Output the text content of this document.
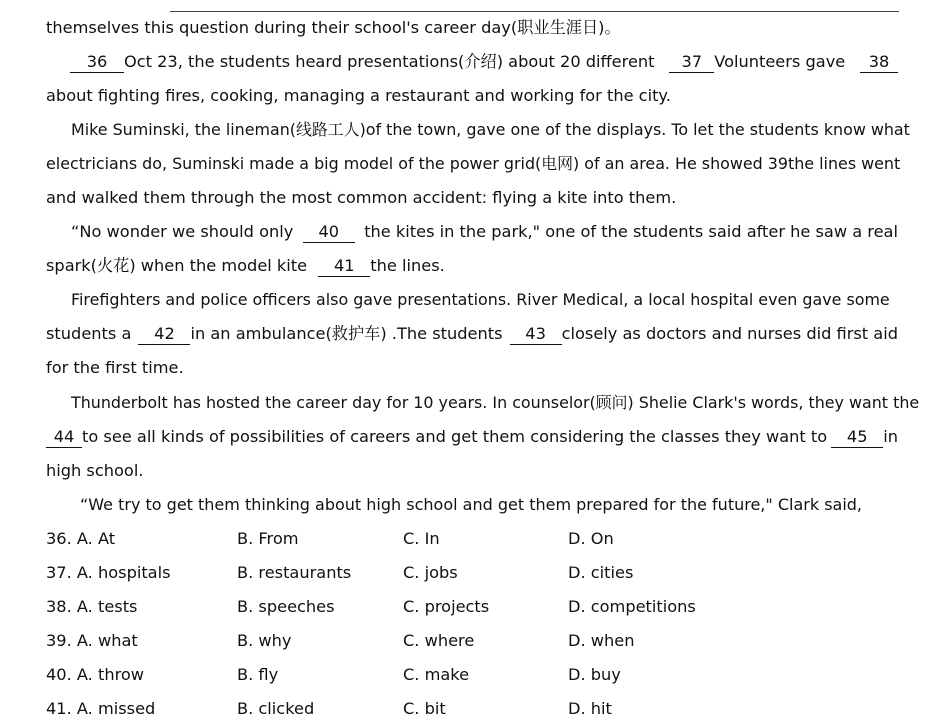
themselves this question during their school's career day(职业生涯日)。
36	Oct 23, the students heard presentations(介绍) about 20 different	37 Volunteers gave	38
about fighting fires, cooking, managing a restaurant and working for the city.
Mike Suminski, the lineman(线路工人)of the town, gave one of the displays. To let the students know what
electricians do, Suminski made a big model of the power grid(电网) of an area. He showed 39the lines went
and walked them through the most common accident: flying a kite into them.
“No wonder we should only	40	the kites in the park," one of the students said after he saw a real
spark(火花) when the model kite 41 the lines.
Firefighters and police officers also gave presentations. River Medical, a local hospital even gave some
students a	42 in an ambulance(救护车) .The students	43 closely as doctors and nurses did first aid
for the first time.
Thunderbolt has hosted the career day for 10 years. In counselor(顾问) Shelie Clark's words, they want the
44 to see all kinds of possibilities of careers and get them considering the classes they want to	45 in
high school.
“We try to get them thinking about high school and get them prepared for the future," Clark said,
36. A. At	B. From	C. In	D. On
37. A. hospitals	B. restaurants	C. jobs	D. cities
38. A. tests	B. speeches	C. projects	D. competitions
39. A. what	B. why	C. where	D. when
40. A. throw	B. fly	C. make	D. buy
41. A. missed	B. clicked	C. bit	D. hit
